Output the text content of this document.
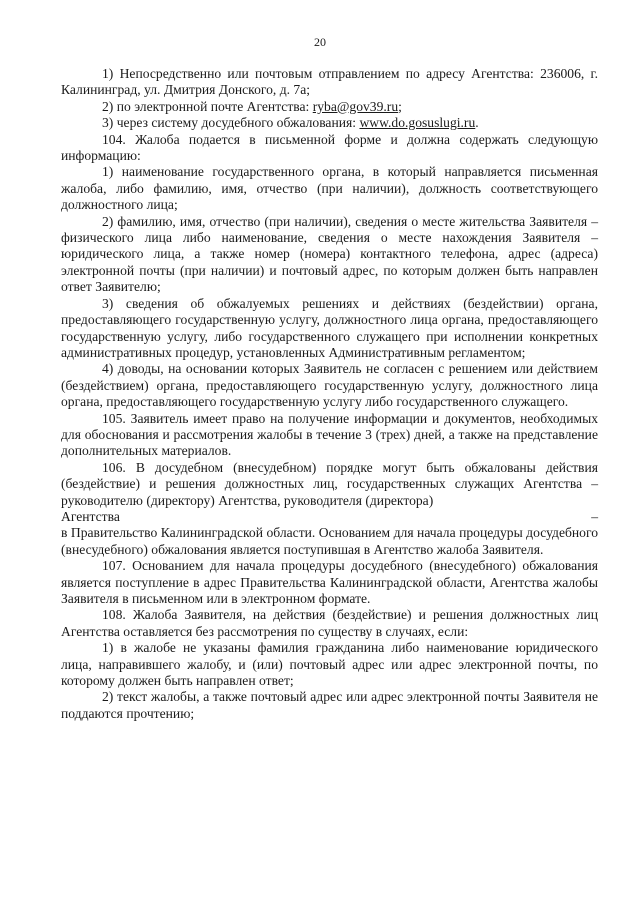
20

1) Непосредственно или почтовым отправлением по адресу Агентства: 236006, г. Калининград, ул. Дмитрия Донского, д. 7а;

2) по электронной почте Агентства: ryba@gov39.ru;

3) через систему досудебного обжалования: www.do.gosuslugi.ru.

104. Жалоба подается в письменной форме и должна содержать следующую информацию:

1) наименование государственного органа, в который направляется письменная жалоба, либо фамилию, имя, отчество (при наличии), должность соответствующего должностного лица;

2) фамилию, имя, отчество (при наличии), сведения о месте жительства Заявителя – физического лица либо наименование, сведения о месте нахождения Заявителя – юридического лица, а также номер (номера) контактного телефона, адрес (адреса) электронной почты (при наличии) и почтовый адрес, по которым должен быть направлен ответ Заявителю;

3) сведения об обжалуемых решениях и действиях (бездействии) органа, предоставляющего государственную услугу, должностного лица органа, предоставляющего государственную услугу, либо государственного служащего при исполнении конкретных административных процедур, установленных Административным регламентом;

4) доводы, на основании которых Заявитель не согласен с решением или действием (бездействием) органа, предоставляющего государственную услугу, должностного лица органа, предоставляющего государственную услугу либо государственного служащего.

105. Заявитель имеет право на получение информации и документов, необходимых для обоснования и рассмотрения жалобы в течение 3 (трех) дней, а также на представление дополнительных материалов.

106. В досудебном (внесудебном) порядке могут быть обжалованы действия (бездействие) и решения должностных лиц, государственных служащих Агентства – руководителю (директору) Агентства, руководителя (директора)

Агентства	–

в Правительство Калининградской области. Основанием для начала процедуры досудебного (внесудебного) обжалования является поступившая в Агентство жалоба Заявителя.

107. Основанием для начала процедуры досудебного (внесудебного) обжалования является поступление в адрес Правительства Калининградской области, Агентства жалобы Заявителя в письменном или в электронном формате.

108. Жалоба Заявителя, на действия (бездействие) и решения должностных лиц Агентства оставляется без рассмотрения по существу в случаях, если:

1) в жалобе не указаны фамилия гражданина либо наименование юридического лица, направившего жалобу, и (или) почтовый адрес или адрес электронной почты, по которому должен быть направлен ответ;

2) текст жалобы, а также почтовый адрес или адрес электронной почты Заявителя не поддаются прочтению;
